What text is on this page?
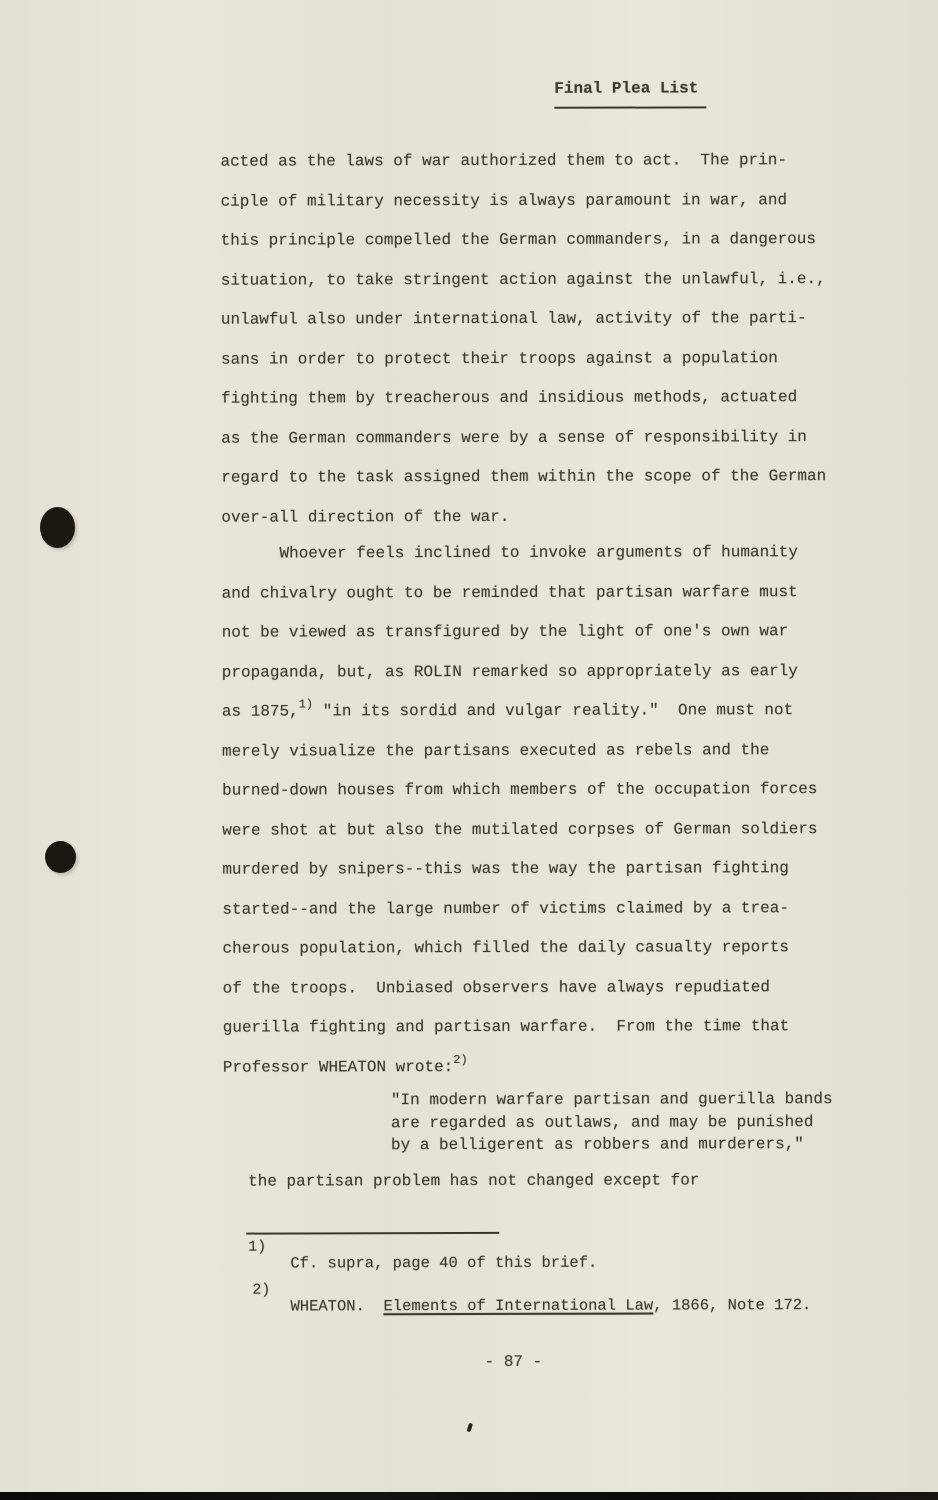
Final Plea List
acted as the laws of war authorized them to act.  The prin-
ciple of military necessity is always paramount in war, and
this principle compelled the German commanders, in a dangerous
situation, to take stringent action against the unlawful, i.e.,
unlawful also under international law, activity of the parti-
sans in order to protect their troops against a population
fighting them by treacherous and insidious methods, actuated
as the German commanders were by a sense of responsibility in
regard to the task assigned them within the scope of the German
over-all direction of the war.
Whoever feels inclined to invoke arguments of humanity
and chivalry ought to be reminded that partisan warfare must
not be viewed as transfigured by the light of one's own war
propaganda, but, as ROLIN remarked so appropriately as early
as 1875,$^{1)}$ "in its sordid and vulgar reality."  One must not
merely visualize the partisans executed as rebels and the
burned-down houses from which members of the occupation forces
were shot at but also the mutilated corpses of German soldiers
murdered by snipers--this was the way the partisan fighting
started--and the large number of victims claimed by a trea-
cherous population, which filled the daily casualty reports
of the troops.  Unbiased observers have always repudiated
guerilla fighting and partisan warfare.  From the time that
Professor WHEATON wrote:$^{2)}$
"In modern warfare partisan and guerilla bands
are regarded as outlaws, and may be punished
by a belligerent as robbers and murderers,"
the partisan problem has not changed except for
1)
Cf. supra, page 40 of this brief.
2)
WHEATON.  Elements of International Law, 1866, Note 172.
- 87 -
